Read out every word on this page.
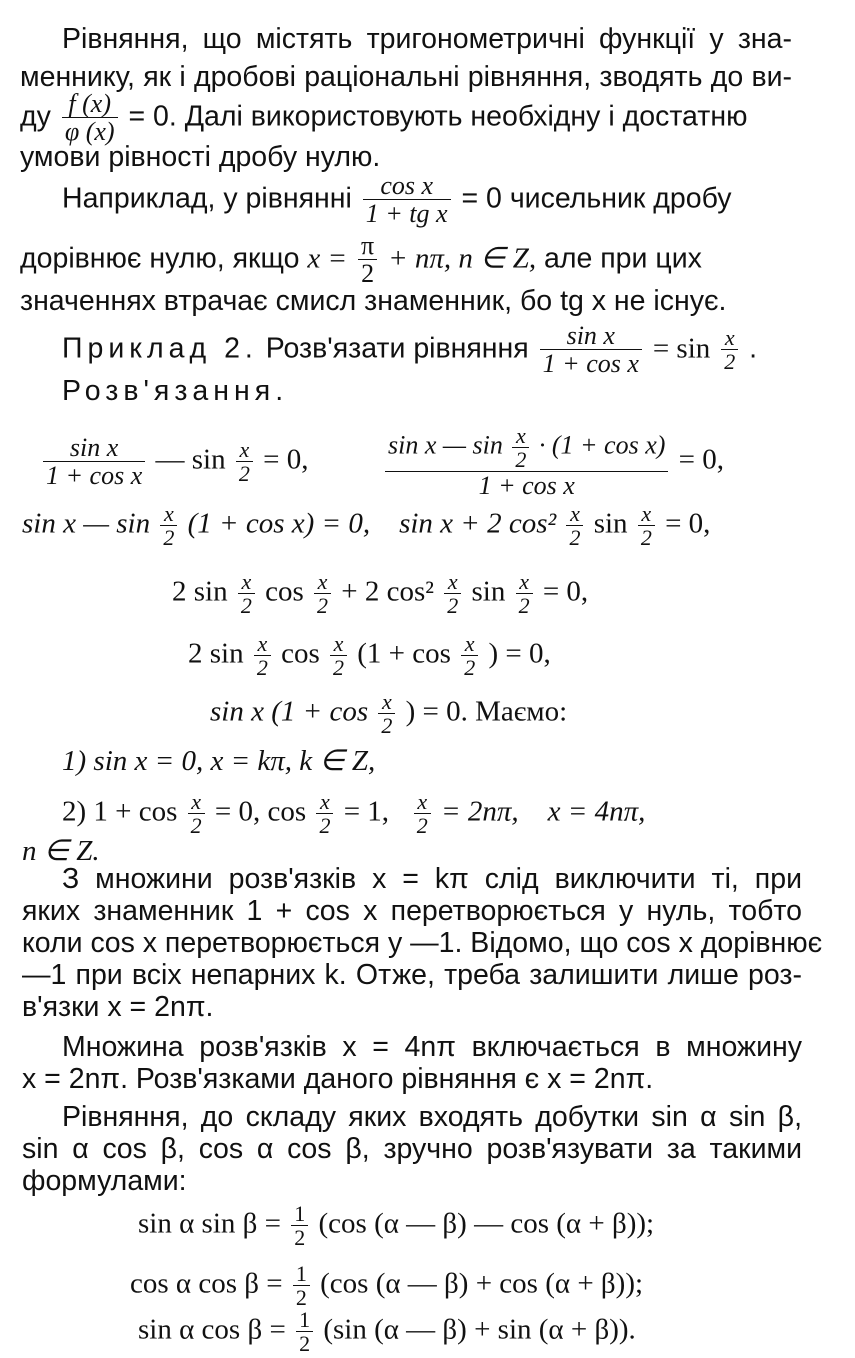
Рівняння, що містять тригонометричні функції у зна-
меннику, як і дробові раціональні рівняння, зводять до ви-
ду $\frac{f (x)}{\varphi (x)} = 0$. Далі використовують необхідну і достатню
умови рівності дробу нулю.
Наприклад, у рівнянні $\frac{\text{cos x}}{\text{1 + tg x}} = 0$ чисельник дробу
дорівнює нулю, якщо $x = \frac{\pi}{2} + n\pi$, n ∈ Z, але при цих
значеннях втрачає смисл знаменник, бо tg x не існує.
Приклад 2. Розв'язати рівняння $\frac{\text{sin x}}{\text{1 + cos x}} = \sin \frac{x}{2}$ .
Розв'язання.
$\frac{\text{sin x}}{\text{1 + cos x}}$ — $\sin \frac{x}{2} = 0$,	$\frac{\sin x — \sin \frac{x}{2} \cdot (1 + \cos x)}{\text{1 + cos x}} = 0$,
sin x — $\sin \frac{x}{2} (1 + \cos x) = 0$, sin x + 2 $\cos^2 \frac{x}{2}$ $\sin \frac{x}{2} = 0$,
2 $\sin \frac{x}{2}$ $\cos \frac{x}{2} + 2$ $\cos^2 \frac{x}{2}$ $\sin \frac{x}{2} = 0$,
2 $\sin \frac{x}{2}$ $\cos \frac{x}{2} (1 + \cos \frac{x}{2}$ ) = 0,
sin x ($1 + \cos \frac{x}{2}$ ) = 0. Маємо:
1) sin x = 0, x = kπ, k ∈ Z,
2) $1 + \cos \frac{x}{2} = 0$, $\cos \frac{x}{2} = 1$, $\frac{x}{2} = 2n\pi$, x = 4nπ,
n ∈ Z.
З множини розв'язків x = kπ слід виключити ті, при
яких знаменник 1 + cos x перетворюється у нуль, тобто
коли cos x перетворюється у —1. Відомо, що cos x дорівнює
—1 при всіх непарних k. Отже, треба залишити лише роз-
в'язки x = 2nπ.
Множина розв'язків x = 4nπ включається в множину
x = 2nπ. Розв'язками даного рівняння є x = 2nπ.
Рівняння, до складу яких входять добутки sin α sin β,
sin α cos β, cos α cos β, зручно розв'язувати за такими
формулами:
sin α $\sin \beta = \frac{1}{2} (\cos$ (α — β) — cos (α + β));
cos α $\cos \beta = \frac{1}{2} (\cos$ (α — β) + cos (α + β));
sin α $\cos \beta = \frac{1}{2} (\sin$ (α — β) + sin (α + β)).
